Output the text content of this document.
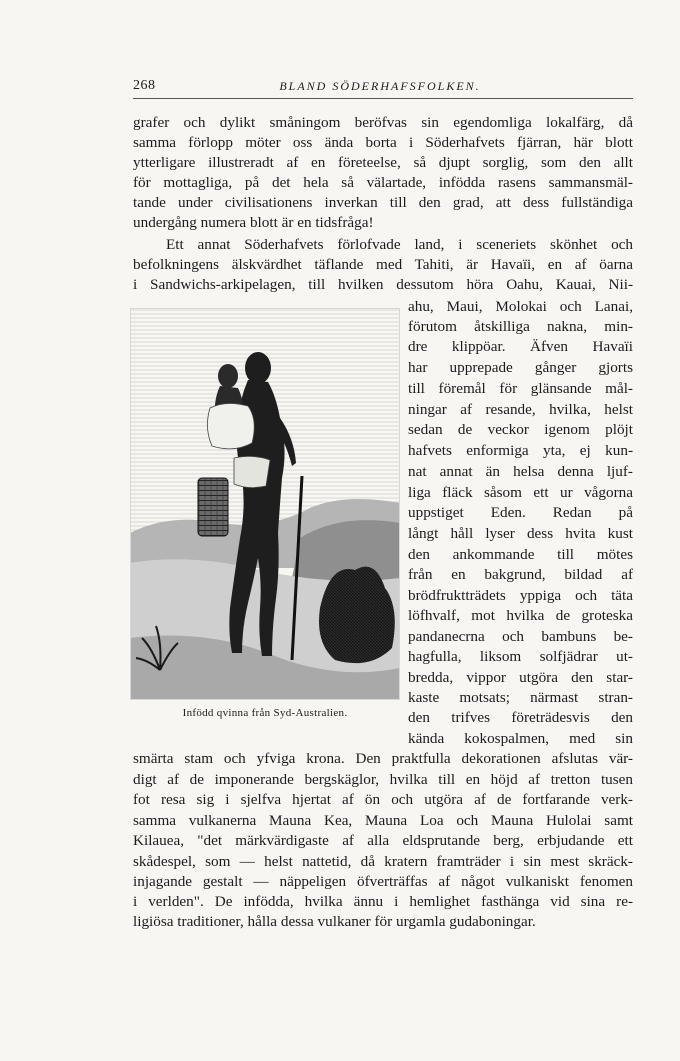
268	BLAND SÖDERHAFSFOLKEN.
grafer och dylikt småningom beröfvas sin egendomliga lokalfärg, då
samma förlopp möter oss ända borta i Söderhafvets fjärran, här blott
ytterligare illustreradt af en företeelse, så djupt sorglig, som den allt
för mottagliga, på det hela så välartade, infödda rasens sammansmäl-
tande under civilisationens inverkan till den grad, att dess fullständiga
undergång numera blott är en tidsfråga!
Ett annat Söderhafvets förlofvade land, i sceneriets skönhet och
befolkningens älskvärdhet täflande med Tahiti, är Havaïi, en af öarna
i Sandwichs-arkipelagen, till hvilken dessutom höra Oahu, Kauai, Nii-
ahu, Maui, Molokai och Lanai,
förutom åtskilliga nakna, min-
dre klippöar. Äfven Havaïi
har upprepade gånger gjorts
till föremål för glänsande mål-
ningar af resande, hvilka, helst
sedan de veckor igenom plöjt
hafvets enformiga yta, ej kun-
nat annat än helsa denna ljuf-
liga fläck såsom ett ur vågorna
uppstiget Eden. Redan på
långt håll lyser dess hvita kust
den ankommande till mötes
från en bakgrund, bildad af
brödfruktträdets yppiga och täta
löfhvalf, mot hvilka de groteska
pandanecrna och bambuns be-
hagfulla, liksom solfjädrar ut-
bredda, vippor utgöra den star-
kaste motsats; närmast stran-
den trifves företrädesvis den
kända kokospalmen, med sin
smärta stam och yfviga krona. Den praktfulla dekorationen afslutas vär-
digt af de imponerande bergskäglor, hvilka till en höjd af tretton tusen
fot resa sig i sjelfva hjertat af ön och utgöra af de fortfarande verk-
samma vulkanerna Mauna Kea, Mauna Loa och Mauna Hulolai samt
Kilauea, "det märkvärdigaste af alla eldsprutande berg, erbjudande ett
skådespel, som — helst nattetid, då kratern framträder i sin mest skräck-
injagande gestalt — näppeligen öfverträffas af något vulkaniskt fenomen
i verlden". De infödda, hvilka ännu i hemlighet fasthänga vid sina re-
ligiösa traditioner, hålla dessa vulkaner för urgamla gudaboningar.
Infödd qvinna från Syd-Australien.
